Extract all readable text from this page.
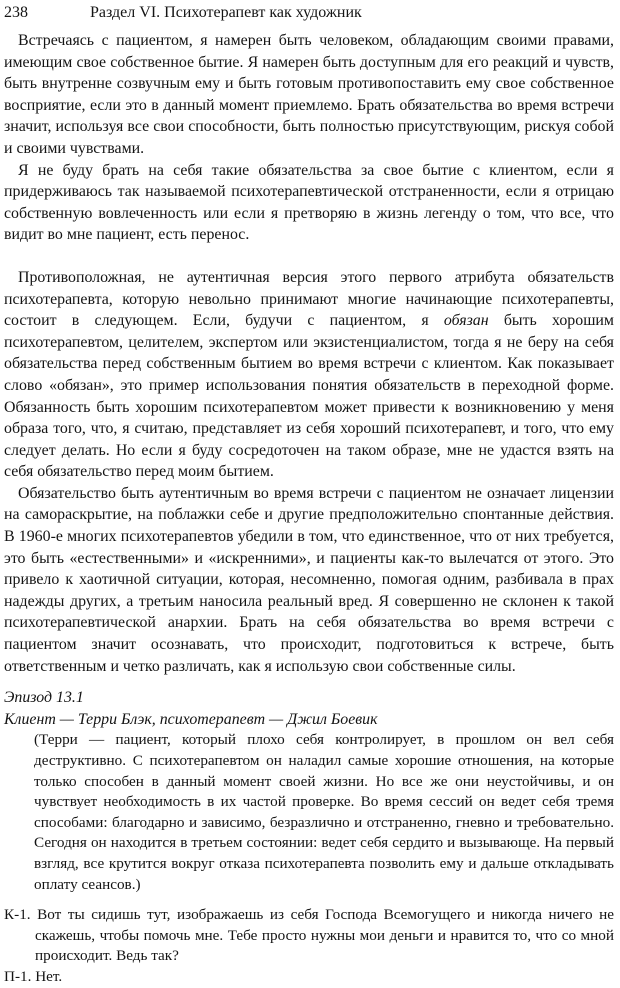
238	Раздел VI. Психотерапевт как художник

Встречаясь с пациентом, я намерен быть человеком, обладающим своими правами, имеющим свое собственное бытие. Я намерен быть доступным для его реакций и чувств, быть внутренне созвучным ему и быть готовым противопоставить ему свое собственное восприятие, если это в данный момент приемлемо. Брать обязательства во время встречи значит, используя все свои способности, быть полностью присутствующим, рискуя собой и своими чувствами.

Я не буду брать на себя такие обязательства за свое бытие с клиентом, если я придерживаюсь так называемой психотерапевтической отстраненности, если я отрицаю собственную вовлеченность или если я претворяю в жизнь легенду о том, что все, что видит во мне пациент, есть перенос.

Противоположная, не аутентичная версия этого первого атрибута обязательств психотерапевта, которую невольно принимают многие начинающие психотерапевты, состоит в следующем. Если, будучи с пациентом, я обязан быть хорошим психотерапевтом, целителем, экспертом или экзистенциалистом, тогда я не беру на себя обязательства перед собственным бытием во время встречи с клиентом. Как показывает слово «обязан», это пример использования понятия обязательств в переходной форме. Обязанность быть хорошим психотерапевтом может привести к возникновению у меня образа того, что, я считаю, представляет из себя хороший психотерапевт, и того, что ему следует делать. Но если я буду сосредоточен на таком образе, мне не удастся взять на себя обязательство перед моим бытием.

Обязательство быть аутентичным во время встречи с пациентом не означает лицензии на самораскрытие, на поблажки себе и другие предположительно спонтанные действия. В 1960-е многих психотерапевтов убедили в том, что единственное, что от них требуется, это быть «естественными» и «искренними», и пациенты как-то вылечатся от этого. Это привело к хаотичной ситуации, которая, несомненно, помогая одним, разбивала в прах надежды других, а третьим наносила реальный вред. Я совершенно не склонен к такой психотерапевтической анархии. Брать на себя обязательства во время встречи с пациентом значит осознавать, что происходит, подготовиться к встрече, быть ответственным и четко различать, как я использую свои собственные силы.

Эпизод 13.1

Клиент — Терри Блэк, психотерапевт — Джил Боевик

(Терри — пациент, который плохо себя контролирует, в прошлом он вел себя деструктивно. С психотерапевтом он наладил самые хорошие отношения, на которые только способен в данный момент своей жизни. Но все же они неустойчивы, и он чувствует необходимость в их частой проверке. Во время сессий он ведет себя тремя способами: благодарно и зависимо, безразлично и отстраненно, гневно и требовательно. Сегодня он находится в третьем состоянии: ведет себя сердито и вызывающе. На первый взгляд, все крутится вокруг отказа психотерапевта позволить ему и дальше откладывать оплату сеансов.)

К-1. Вот ты сидишь тут, изображаешь из себя Господа Всемогущего и никогда ничего не скажешь, чтобы помочь мне. Тебе просто нужны мои деньги и нравится то, что со мной происходит. Ведь так?

П-1. Нет.
